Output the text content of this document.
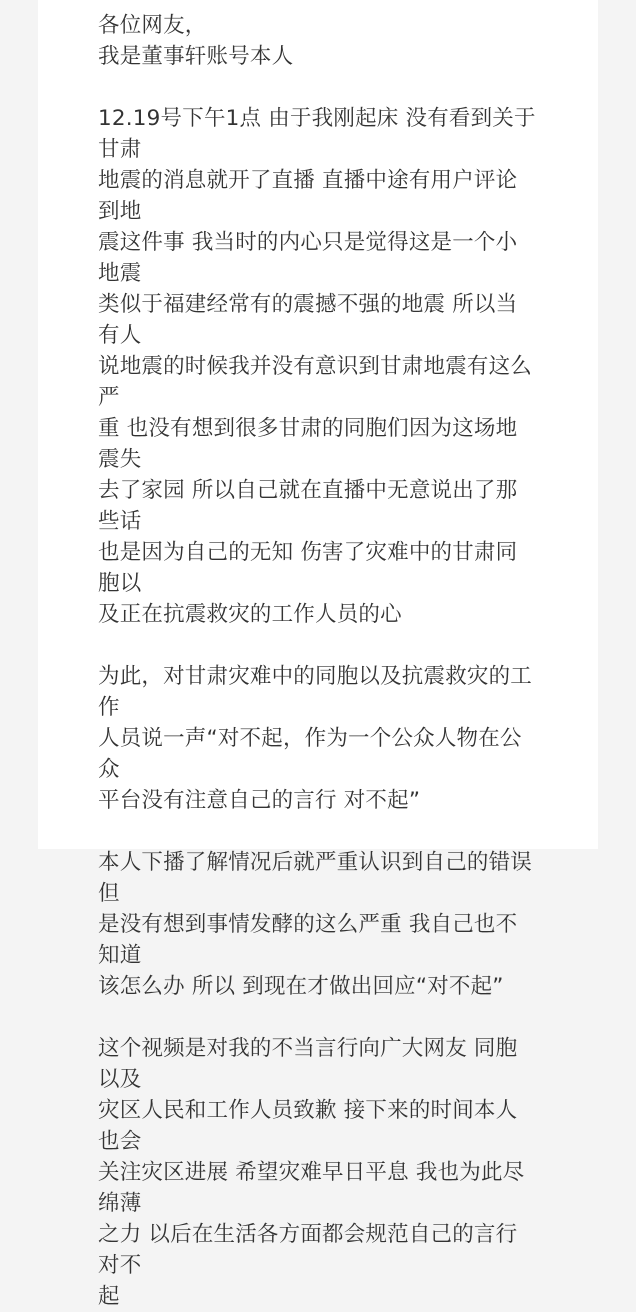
各位网友，
我是董事轩账号本人
12.19号下午1点 由于我刚起床 没有看到关于甘肃
地震的消息就开了直播 直播中途有用户评论到地
震这件事 我当时的内心只是觉得这是一个小地震
类似于福建经常有的震撼不强的地震 所以当有人
说地震的时候我并没有意识到甘肃地震有这么严
重 也没有想到很多甘肃的同胞们因为这场地震失
去了家园 所以自己就在直播中无意说出了那些话
也是因为自己的无知 伤害了灾难中的甘肃同胞以
及正在抗震救灾的工作人员的心
为此，对甘肃灾难中的同胞以及抗震救灾的工作
人员说一声“对不起，作为一个公众人物在公众
平台没有注意自己的言行 对不起”
本人下播了解情况后就严重认识到自己的错误 但
是没有想到事情发酵的这么严重 我自己也不知道
该怎么办 所以 到现在才做出回应“对不起”
这个视频是对我的不当言行向广大网友 同胞以及
灾区人民和工作人员致歉 接下来的时间本人也会
关注灾区进展 希望灾难早日平息 我也为此尽绵薄
之力 以后在生活各方面都会规范自己的言行 对不
起
